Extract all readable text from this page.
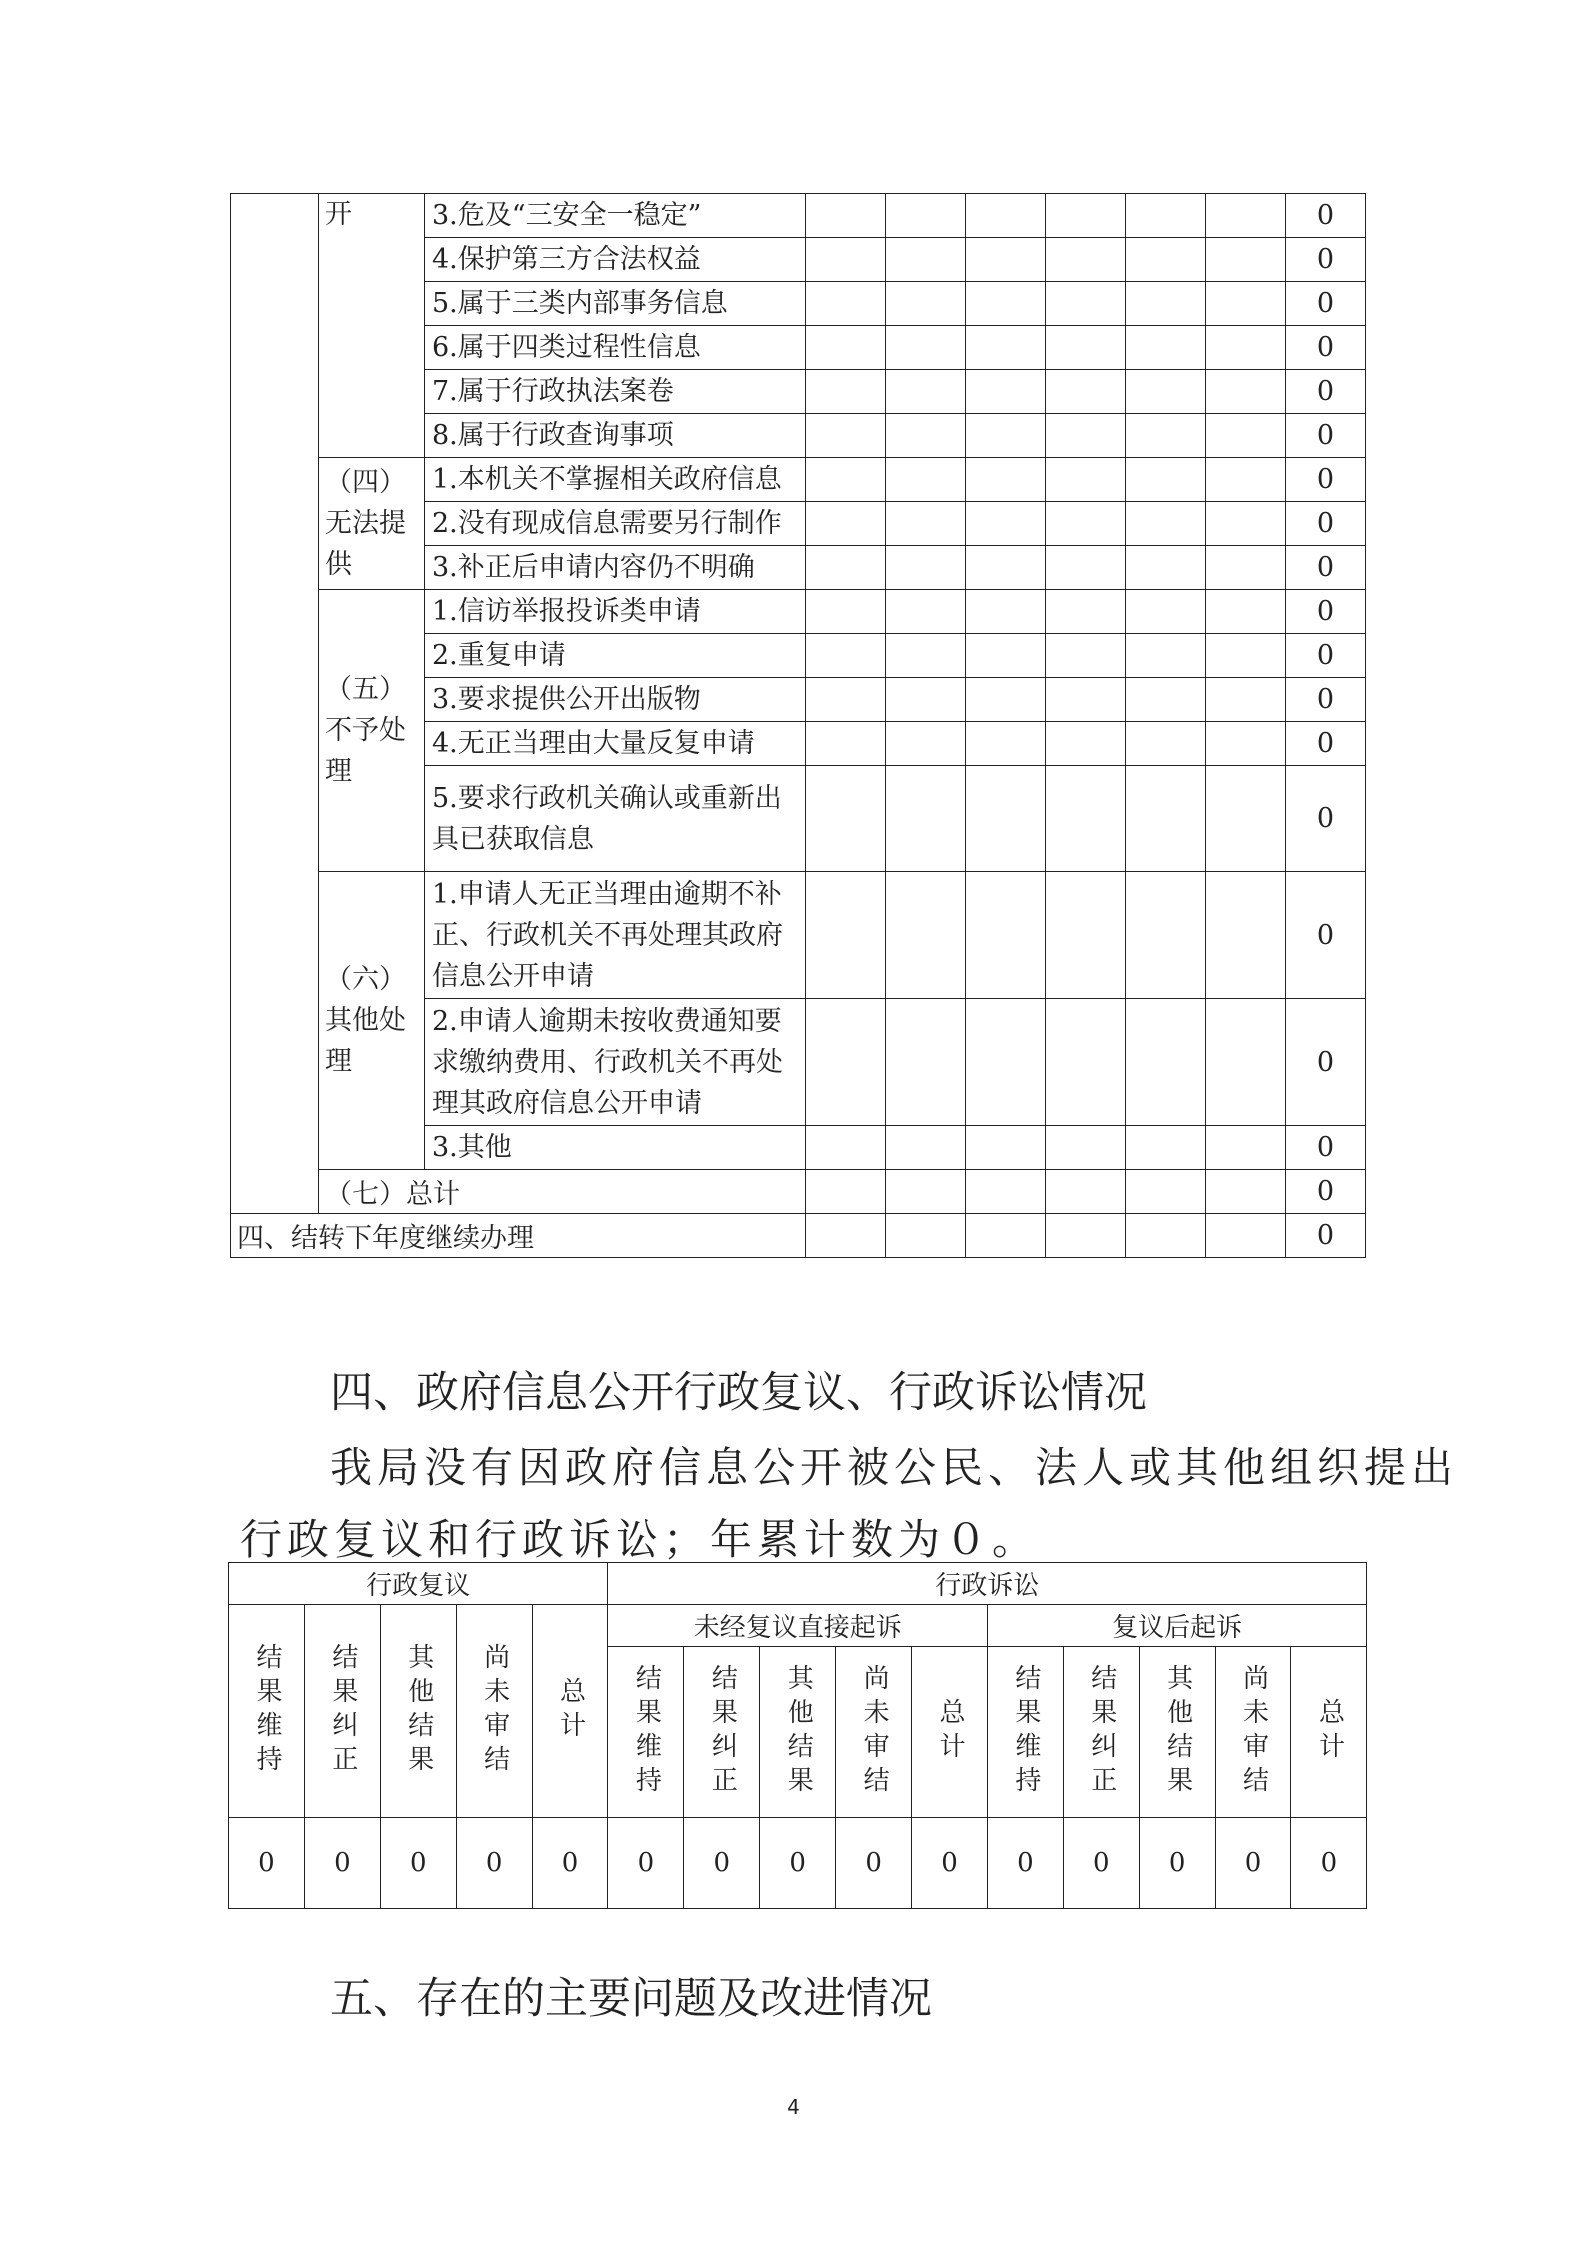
	开	3.危及“三安全一稳定”							0
		4.保护第三方合法权益							0
		5.属于三类内部事务信息							0
		6.属于四类过程性信息							0
		7.属于行政执法案卷							0
		8.属于行政查询事项							0
	（四）无法提供	1.本机关不掌握相关政府信息							0
		2.没有现成信息需要另行制作							0
		3.补正后申请内容仍不明确							0
	（五）不予处理	1.信访举报投诉类申请							0
		2.重复申请							0
		3.要求提供公开出版物							0
		4.无正当理由大量反复申请							0
		5.要求行政机关确认或重新出具已获取信息							0
	（六）其他处理	1.申请人无正当理由逾期不补正、行政机关不再处理其政府信息公开申请							0
		2.申请人逾期未按收费通知要求缴纳费用、行政机关不再处理其政府信息公开申请							0
		3.其他							0
	（七）总计								0
四、结转下年度继续办理									0
四、政府信息公开行政复议、行政诉讼情况
我局没有因政府信息公开被公民、法人或其他组织提出
行政复议和行政诉讼；年累计数为０。
行政复议					行政诉讼									
结果维持	结果纠正	其他结果	尚未审结	总计	未经复议直接起诉					复议后起诉				
					结果维持	结果纠正	其他结果	尚未审结	总计	结果维持	结果纠正	其他结果	尚未审结	总计
0	0	0	0	0	0	0	0	0	0	0	0	0	0	0
五、存在的主要问题及改进情况
4
